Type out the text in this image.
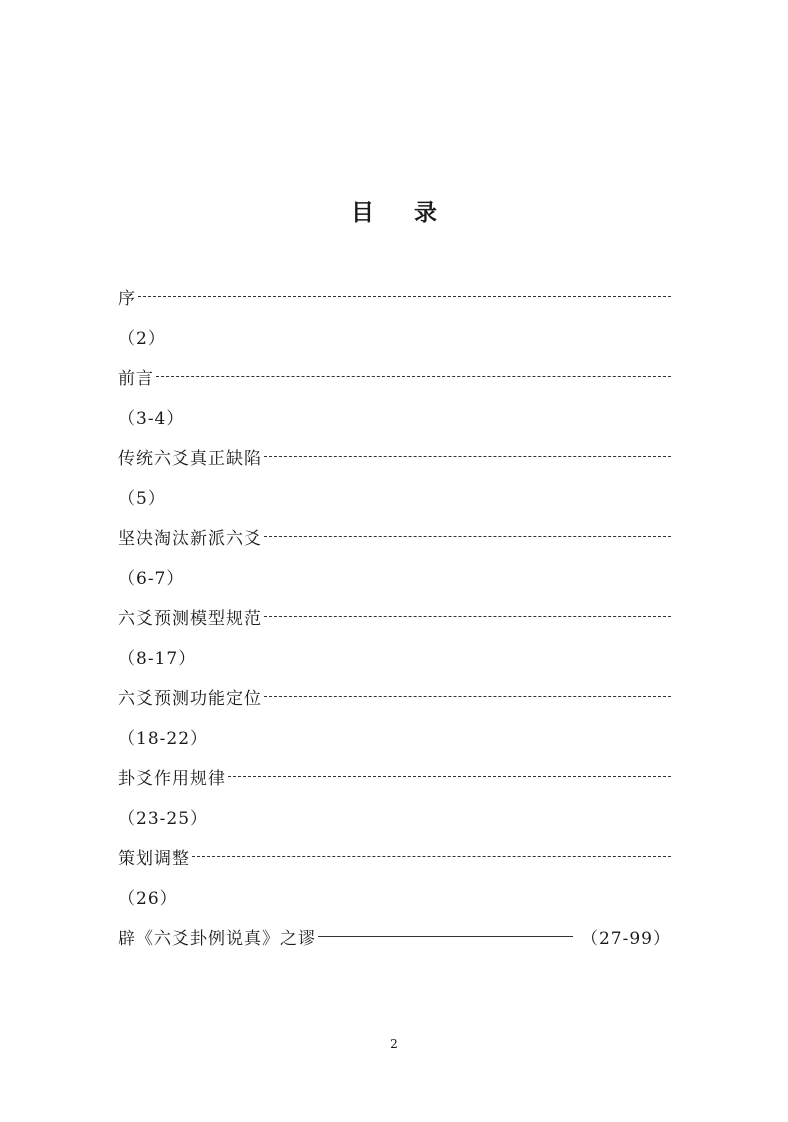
目 录
序
（2）
前言
（3-4）
传统六爻真正缺陷
（5）
坚决淘汰新派六爻
（6-7）
六爻预测模型规范
（8-17）
六爻预测功能定位
（18-22）
卦爻作用规律
（23-25）
策划调整
（26）
辟《六爻卦例说真》之谬	（27-99）
2
